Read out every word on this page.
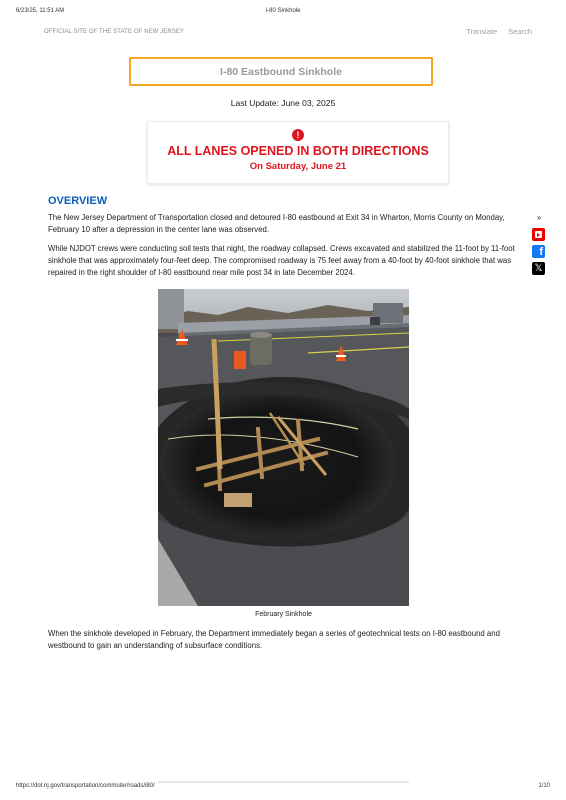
6/23/25, 11:51 AM	I-80 Sinkhole
OFFICIAL SITE OF THE STATE OF NEW JERSEY	Translate Search
I-80 Eastbound Sinkhole
Last Update: June 03, 2025
!
ALL LANES OPENED IN BOTH DIRECTIONS
On Saturday, June 21
OVERVIEW
The New Jersey Department of Transportation closed and detoured I-80 eastbound at Exit 34 in Wharton, Morris County on Monday, February 10 after a depression in the center lane was observed.
While NJDOT crews were conducting soil tests that night, the roadway collapsed. Crews excavated and stabilized the 11-foot by 11-foot sinkhole that was approximately four-feet deep. The compromised roadway is 75 feet away from a 40-foot by 40-foot sinkhole that was repaired in the right shoulder of I-80 eastbound near mile post 34 in late December 2024.
»
f
𝕏
February Sinkhole
When the sinkhole developed in February, the Department immediately began a series of geotechnical tests on I-80 eastbound and westbound to gain an understanding of subsurface conditions.
https://dot.nj.gov/transportation/commuter/roads/i80/	1/10
